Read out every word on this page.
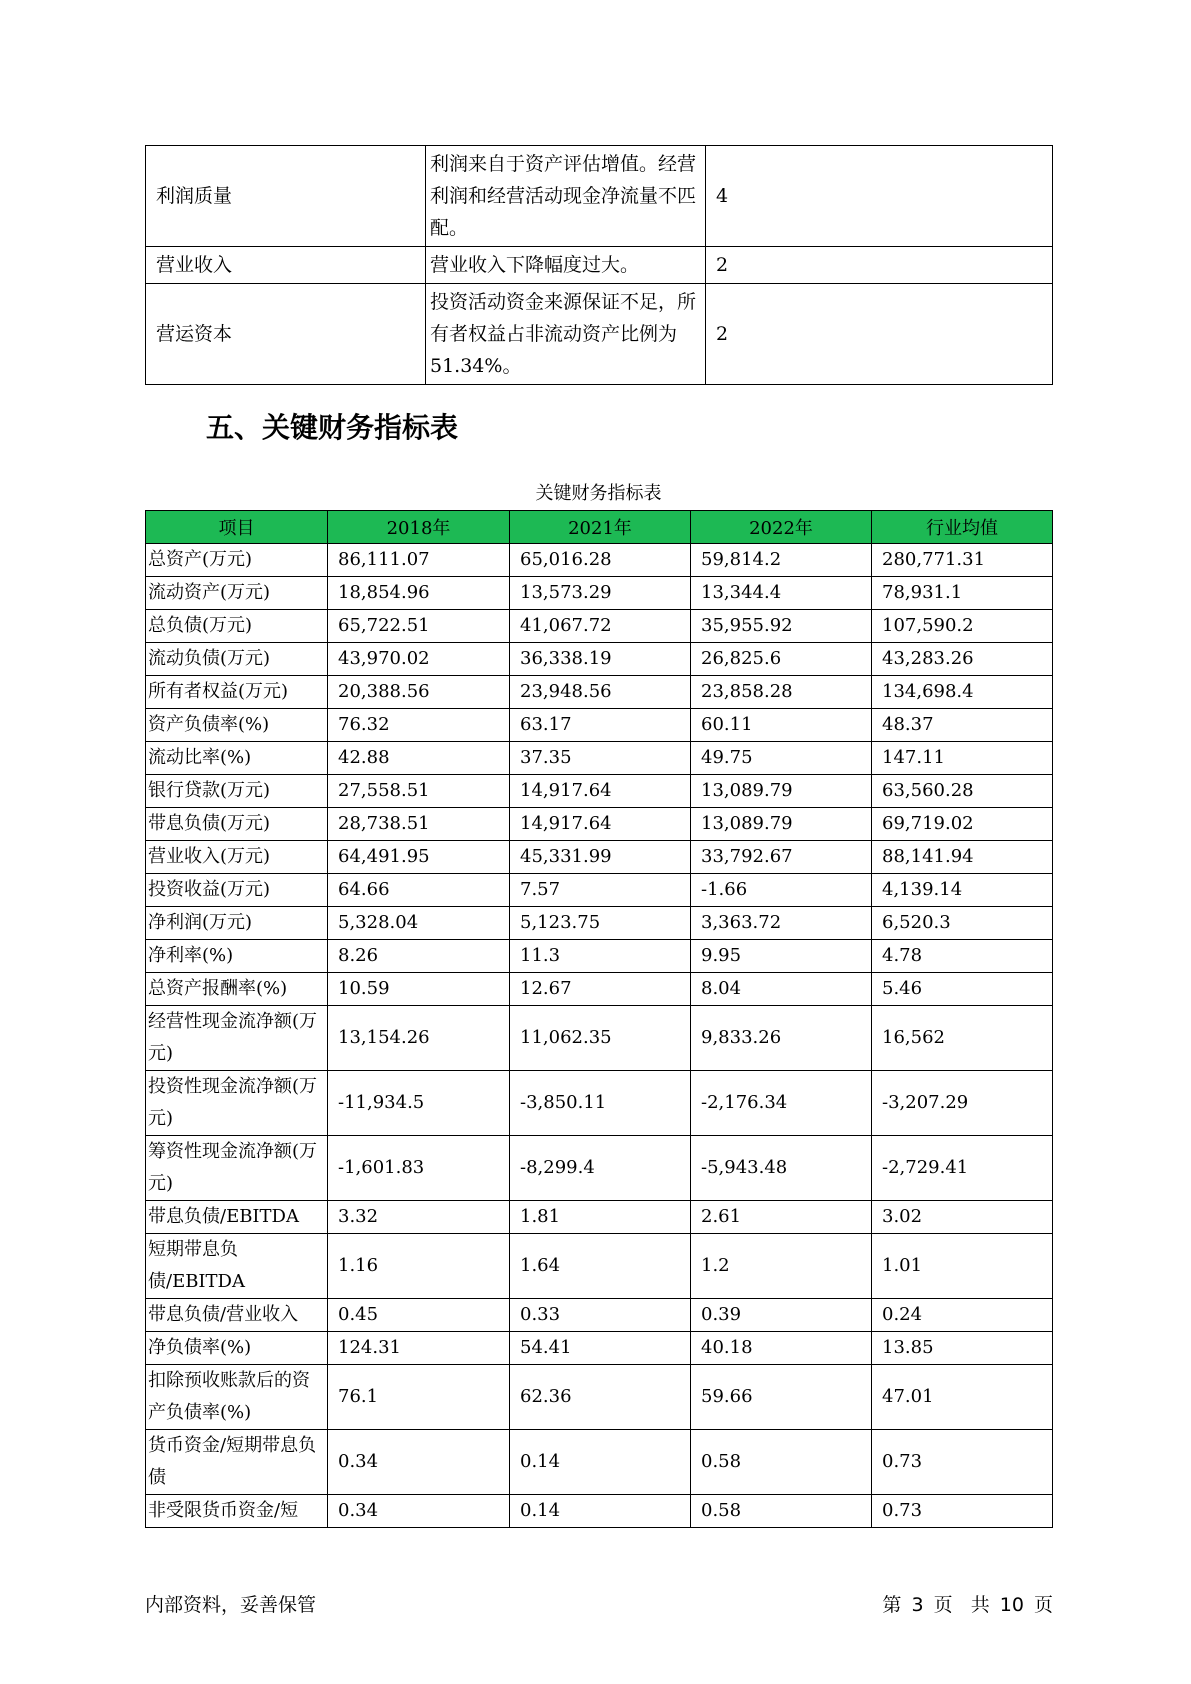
利润质量	利润来自于资产评估增值。经营利润和经营活动现金净流量不匹配。	4
营业收入	营业收入下降幅度过大。	2
营运资本	投资活动资金来源保证不足，所有者权益占非流动资产比例为51.34%。	2
五、关键财务指标表
关键财务指标表
项目	2018年	2021年	2022年	行业均值
总资产(万元)	86,111.07	65,016.28	59,814.2	280,771.31
流动资产(万元)	18,854.96	13,573.29	13,344.4	78,931.1
总负债(万元)	65,722.51	41,067.72	35,955.92	107,590.2
流动负债(万元)	43,970.02	36,338.19	26,825.6	43,283.26
所有者权益(万元)	20,388.56	23,948.56	23,858.28	134,698.4
资产负债率(%)	76.32	63.17	60.11	48.37
流动比率(%)	42.88	37.35	49.75	147.11
银行贷款(万元)	27,558.51	14,917.64	13,089.79	63,560.28
带息负债(万元)	28,738.51	14,917.64	13,089.79	69,719.02
营业收入(万元)	64,491.95	45,331.99	33,792.67	88,141.94
投资收益(万元)	64.66	7.57	-1.66	4,139.14
净利润(万元)	5,328.04	5,123.75	3,363.72	6,520.3
净利率(%)	8.26	11.3	9.95	4.78
总资产报酬率(%)	10.59	12.67	8.04	5.46
经营性现金流净额(万元)	13,154.26	11,062.35	9,833.26	16,562
投资性现金流净额(万元)	-11,934.5	-3,850.11	-2,176.34	-3,207.29
筹资性现金流净额(万元)	-1,601.83	-8,299.4	-5,943.48	-2,729.41
带息负债/EBITDA	3.32	1.81	2.61	3.02
短期带息负债/EBITDA	1.16	1.64	1.2	1.01
带息负债/营业收入	0.45	0.33	0.39	0.24
净负债率(%)	124.31	54.41	40.18	13.85
扣除预收账款后的资产负债率(%)	76.1	62.36	59.66	47.01
货币资金/短期带息负债	0.34	0.14	0.58	0.73
非受限货币资金/短	0.34	0.14	0.58	0.73
内部资料，妥善保管	第 3 页 共 10 页
